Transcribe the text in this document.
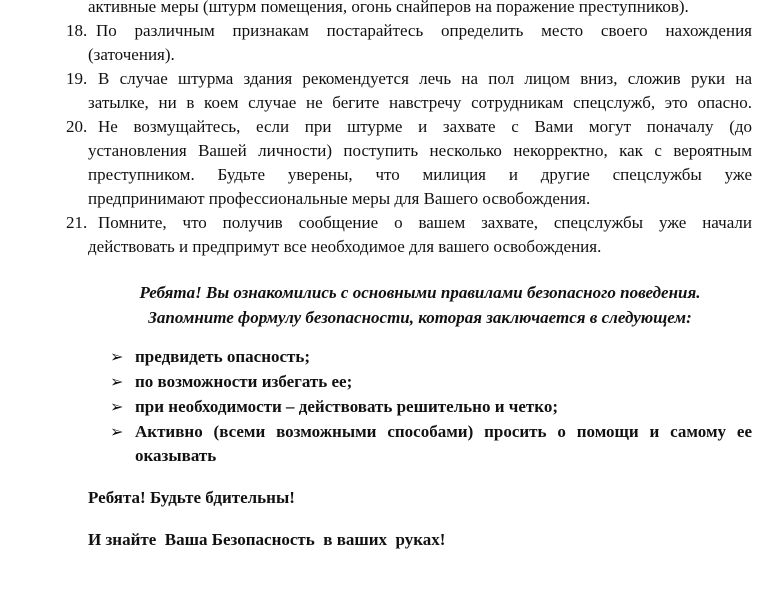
активные меры (штурм помещения, огонь снайперов на поражение преступников).
18. По различным признакам постарайтесь определить место своего нахождения
(заточения).
19. В случае штурма здания рекомендуется лечь на пол лицом вниз, сложив руки на
затылке, ни в коем случае не бегите навстречу сотрудникам спецслужб, это опасно.
20. Не возмущайтесь, если при штурме и захвате с Вами могут поначалу (до
установления Вашей личности) поступить несколько некорректно, как с вероятным
преступником. Будьте уверены, что милиция и другие спецслужбы уже
предпринимают профессиональные меры для Вашего освобождения.
21. Помните, что получив сообщение о вашем захвате, спецслужбы уже начали
действовать и предпримут все необходимое для вашего освобождения.
Ребята! Вы ознакомились с основными правилами безопасного поведения.
Запомните формулу безопасности, которая заключается в следующем:
➢ предвидеть опасность;
➢ по возможности избегать ее;
➢ при необходимости – действовать решительно и четко;
➢ Активно (всеми возможными способами) просить о помощи и самому ее оказывать
Ребята! Будьте бдительны!
И знайте  Ваша Безопасность  в ваших  руках!
